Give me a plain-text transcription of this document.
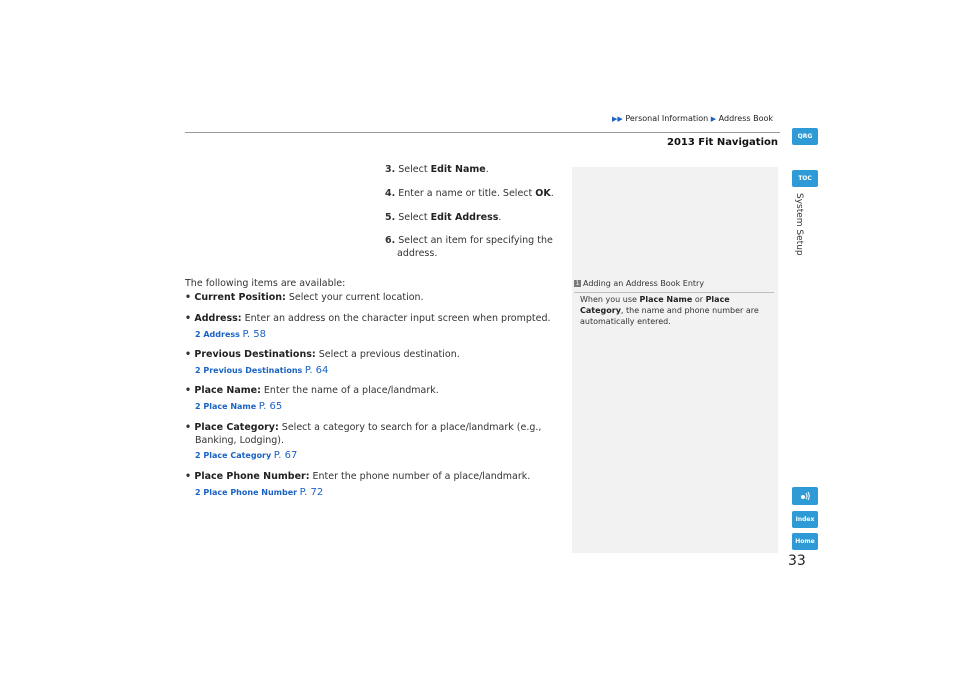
▶▶ Personal Information ▶ Address Book
2013 Fit Navigation
3. Select Edit Name.
4. Enter a name or title. Select OK.
5. Select Edit Address.
6. Select an item for specifying the address.
The following items are available:
• Current Position: Select your current location.
• Address: Enter an address on the character input screen when prompted.
2 Address P. 58
• Previous Destinations: Select a previous destination.
2 Previous Destinations P. 64
• Place Name: Enter the name of a place/landmark.
2 Place Name P. 65
• Place Category: Select a category to search for a place/landmark (e.g., Banking, Lodging).
2 Place Category P. 67
• Place Phone Number: Enter the phone number of a place/landmark.
2 Place Phone Number P. 72
1 Adding an Address Book Entry
When you use Place Name or Place Category, the name and phone number are automatically entered.
QRG
TOC
System Setup
Index
Home
33
